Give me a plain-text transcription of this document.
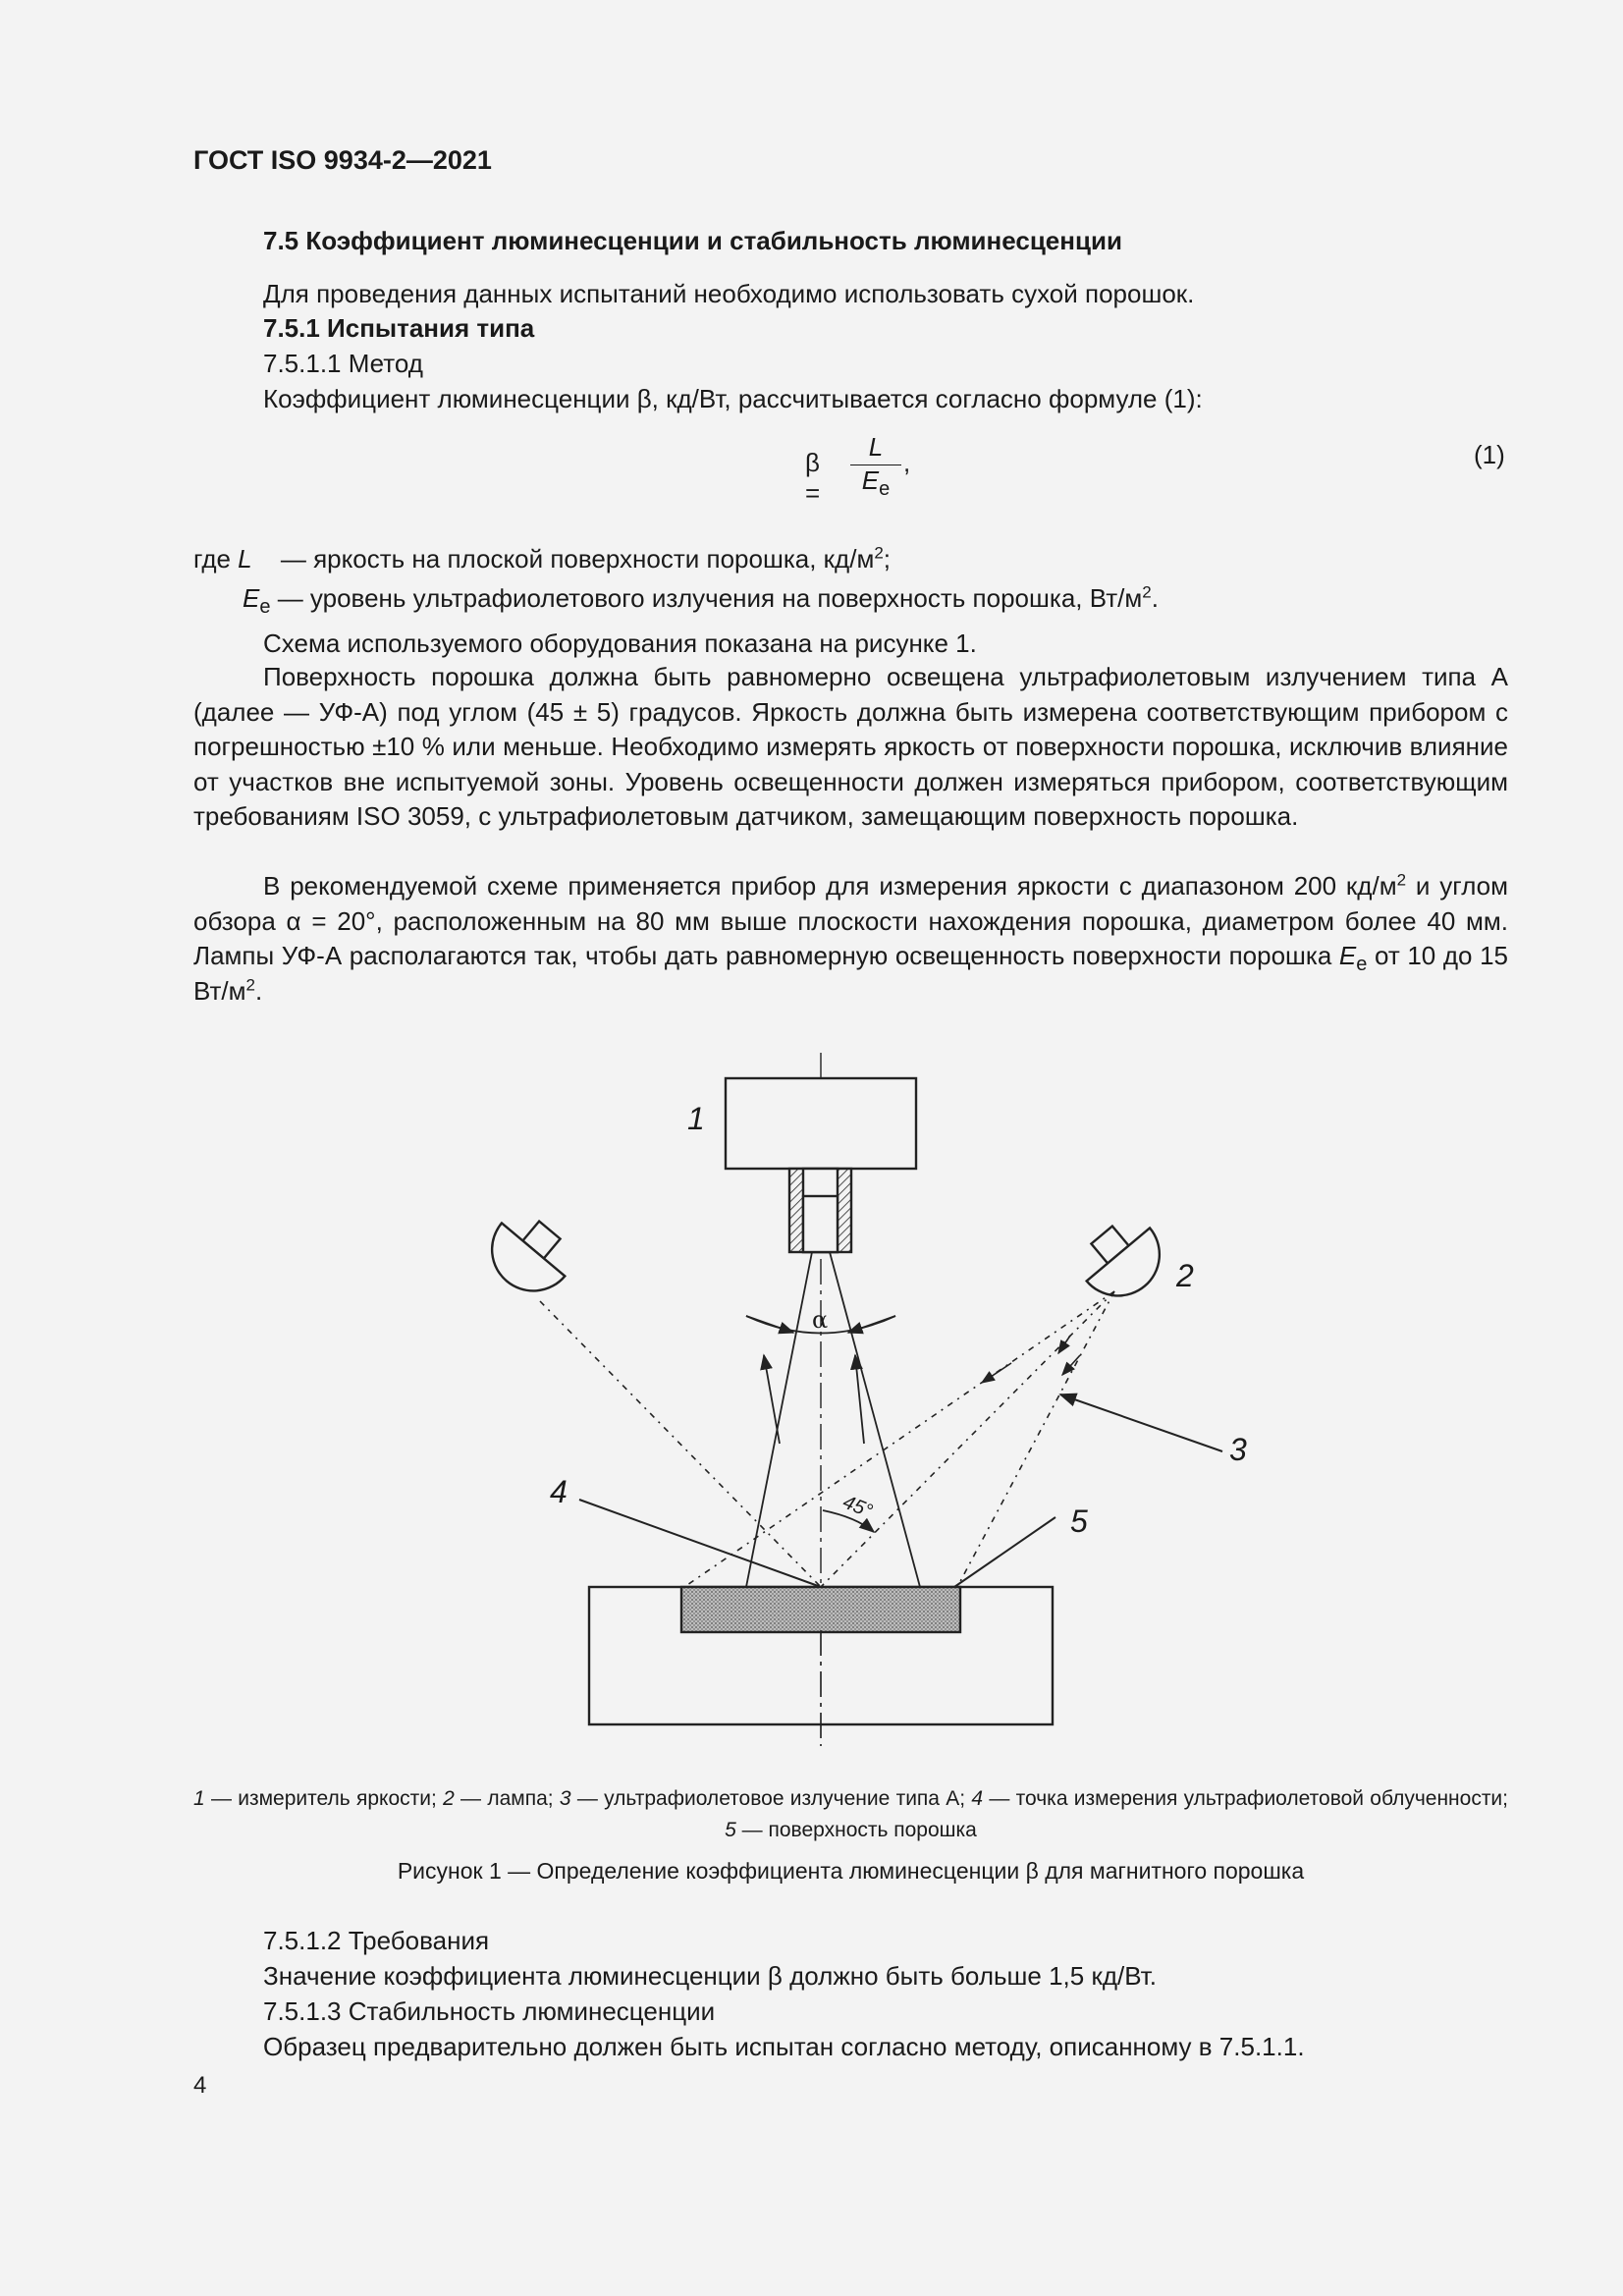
ГОСТ ISO 9934-2—2021
7.5 Коэффициент люминесценции и стабильность люминесценции
Для проведения данных испытаний необходимо использовать сухой порошок.
7.5.1 Испытания типа
7.5.1.1 Метод
Коэффициент люминесценции β, кд/Вт, рассчитывается согласно формуле (1):
β =
L
$E_e$
,	(1)
где L — яркость на плоской поверхности порошка, $кд/м^2$;
$E_e$ — уровень ультрафиолетового излучения на поверхность порошка, $Вт/м^2$.
Схема используемого оборудования показана на рисунке 1.
Поверхность порошка должна быть равномерно освещена ультрафиолетовым излучением типа А (далее — УФ-А) под углом (45 ± 5) градусов. Яркость должна быть измерена соответствующим прибором с погрешностью ±10 % или меньше. Необходимо измерять яркость от поверхности порошка, исключив влияние от участков вне испытуемой зоны. Уровень освещенности должен измеряться прибором, соответствующим требованиям ISO 3059, с ультрафиолетовым датчиком, замещающим поверхность порошка.
В рекомендуемой схеме применяется прибор для измерения яркости с диапазоном 200 $кд/м^2$ и углом обзора α = 20°, расположенным на 80 мм выше плоскости нахождения порошка, диаметром более 40 мм. Лампы УФ-А располагаются так, чтобы дать равномерную освещенность поверхности порошка $E_e$ от 10 до 15 $Вт/м^2$.
1
2
3
4
5
α
45°
1 — измеритель яркости; 2 — лампа; 3 — ультрафиолетовое излучение типа А; 4 — точка измерения ультрафиолетовой облученности; 5 — поверхность порошка
Рисунок 1 — Определение коэффициента люминесценции β для магнитного порошка
7.5.1.2 Требования
Значение коэффициента люминесценции β должно быть больше 1,5 кд/Вт.
7.5.1.3 Стабильность люминесценции
Образец предварительно должен быть испытан согласно методу, описанному в 7.5.1.1.
4
